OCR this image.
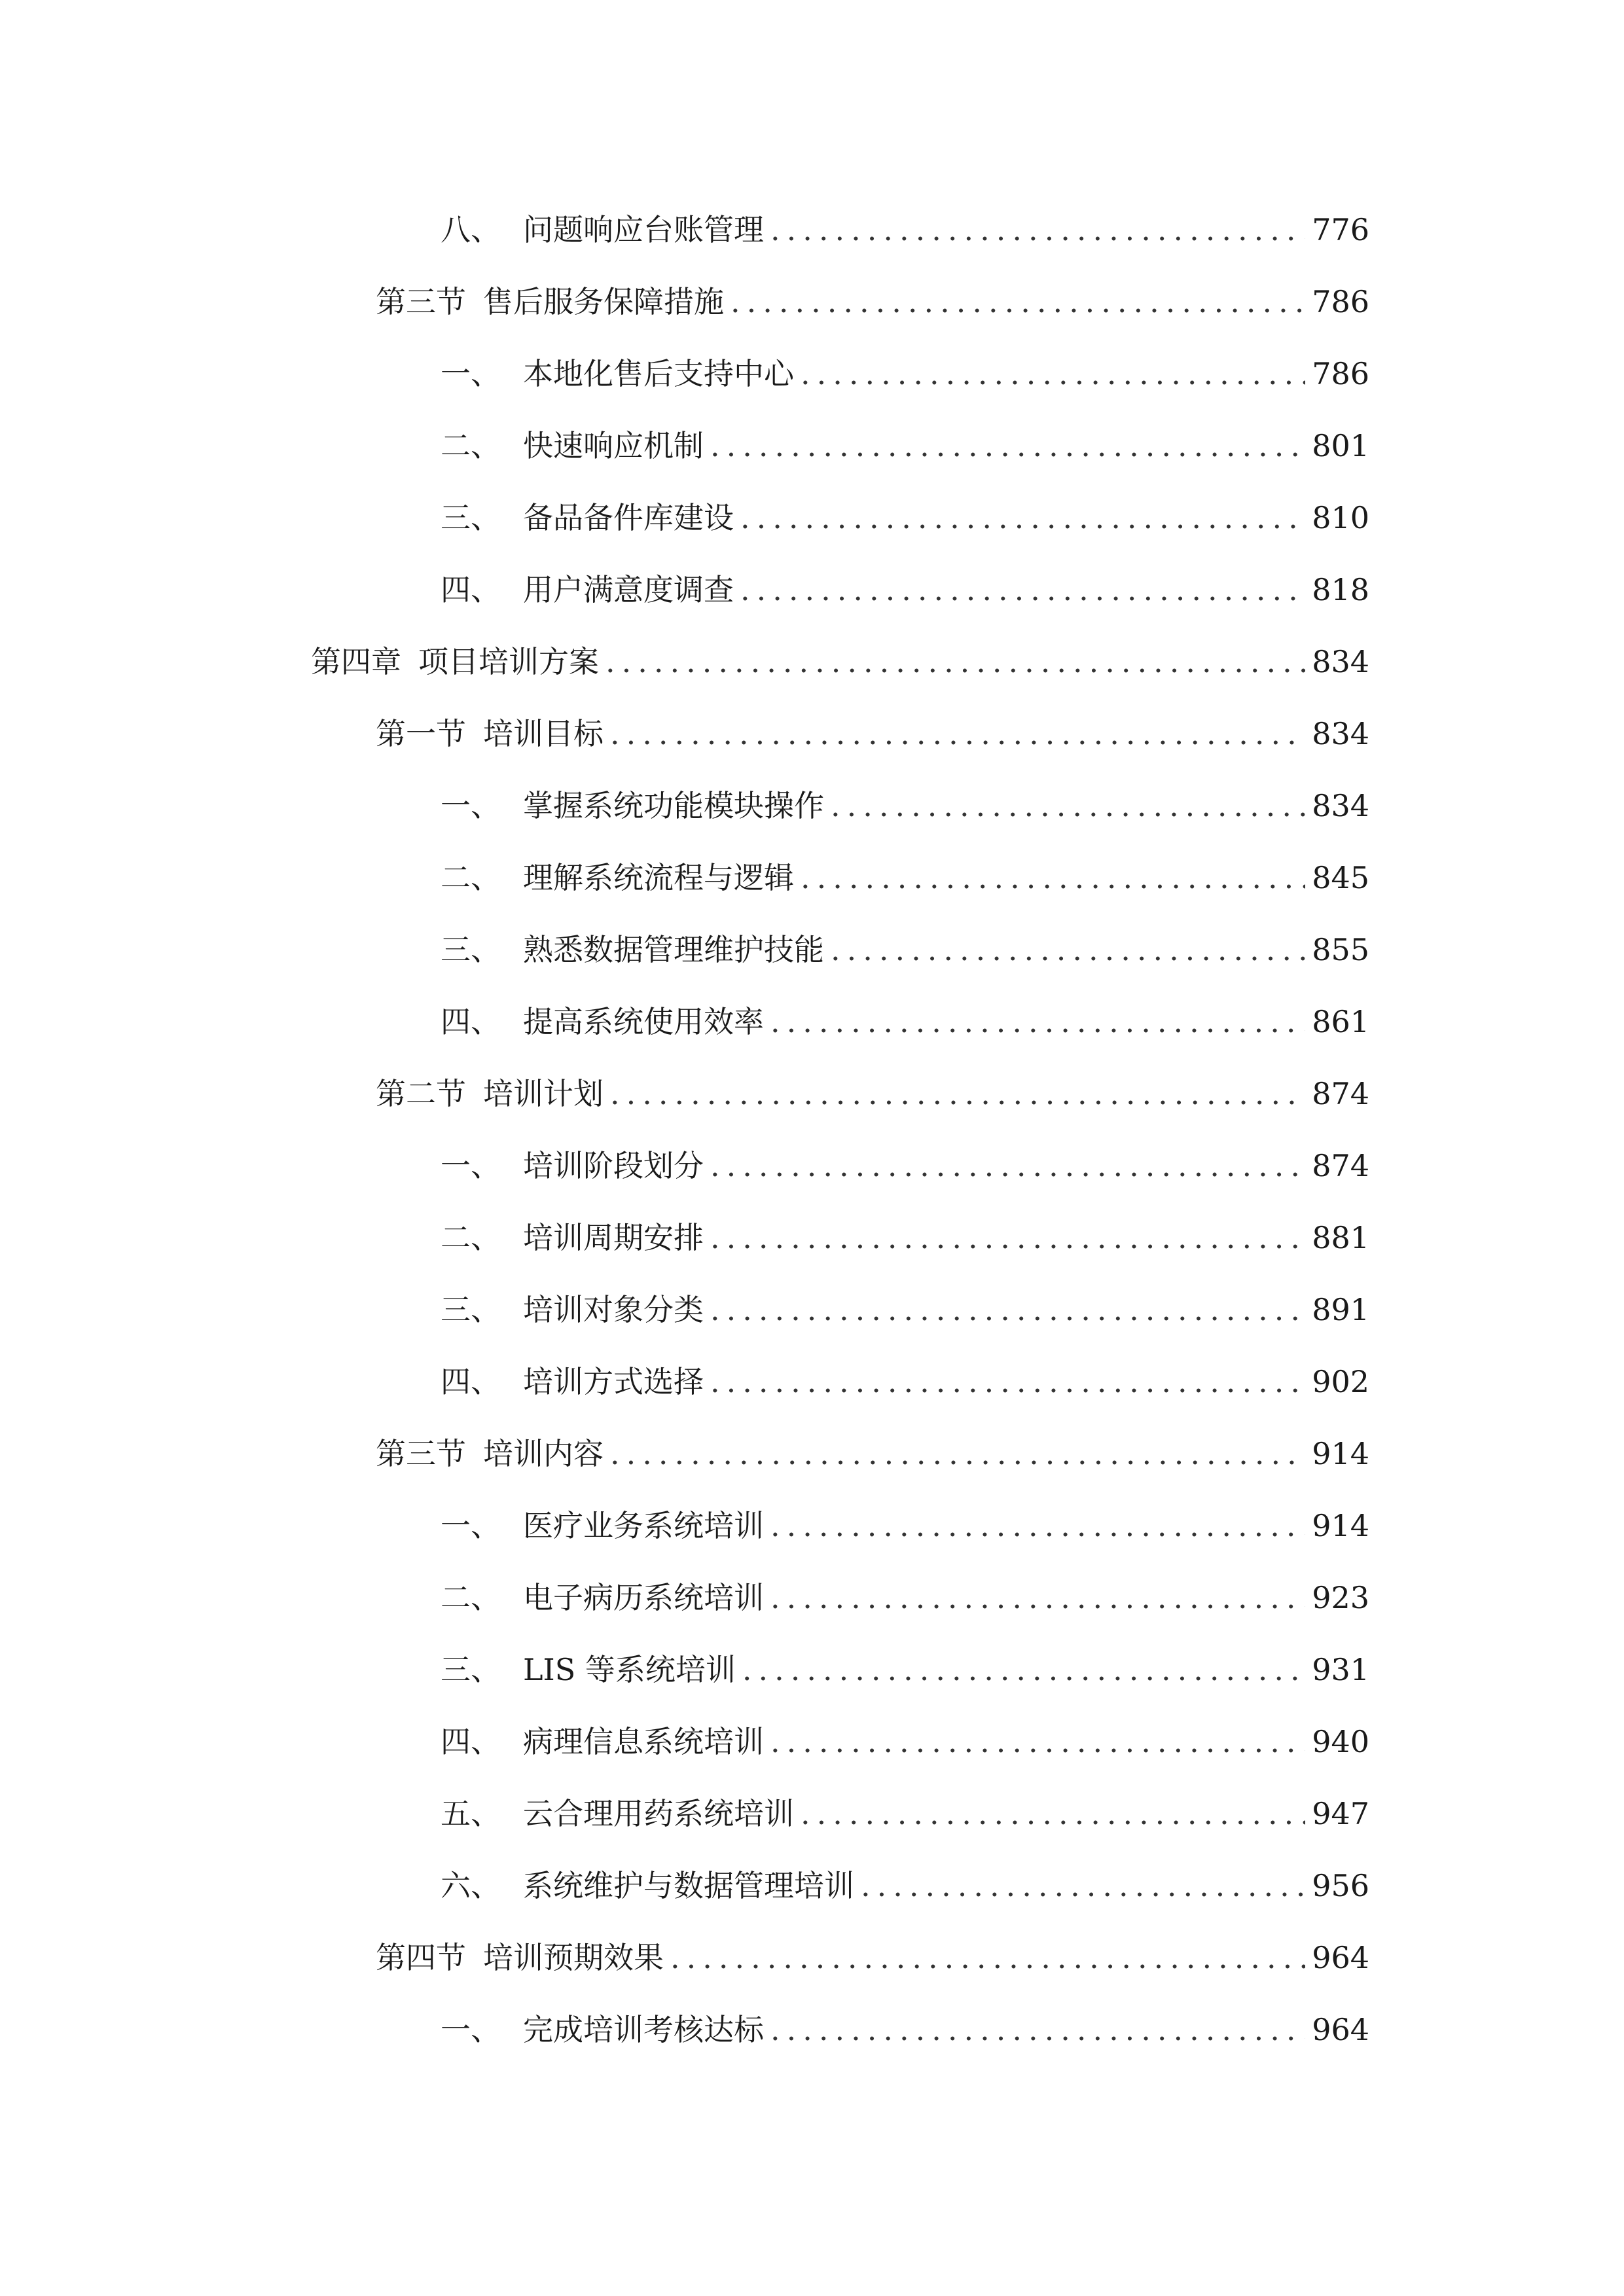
八、 问题响应台账管理 .....	776
第三节 售后服务保障措施 .....	786
一、 本地化售后支持中心 .....	786
二、 快速响应机制 .....	801
三、 备品备件库建设 .....	810
四、 用户满意度调查 .....	818
第四章 项目培训方案 .....	834
第一节 培训目标 .....	834
一、 掌握系统功能模块操作 .....	834
二、 理解系统流程与逻辑 .....	845
三、 熟悉数据管理维护技能 .....	855
四、 提高系统使用效率 .....	861
第二节 培训计划 .....	874
一、 培训阶段划分 .....	874
二、 培训周期安排 .....	881
三、 培训对象分类 .....	891
四、 培训方式选择 .....	902
第三节 培训内容 .....	914
一、 医疗业务系统培训 .....	914
二、 电子病历系统培训 .....	923
三、 LIS 等系统培训 .....	931
四、 病理信息系统培训 .....	940
五、 云合理用药系统培训 .....	947
六、 系统维护与数据管理培训 .....	956
第四节 培训预期效果 .....	964
一、 完成培训考核达标 .....	964
